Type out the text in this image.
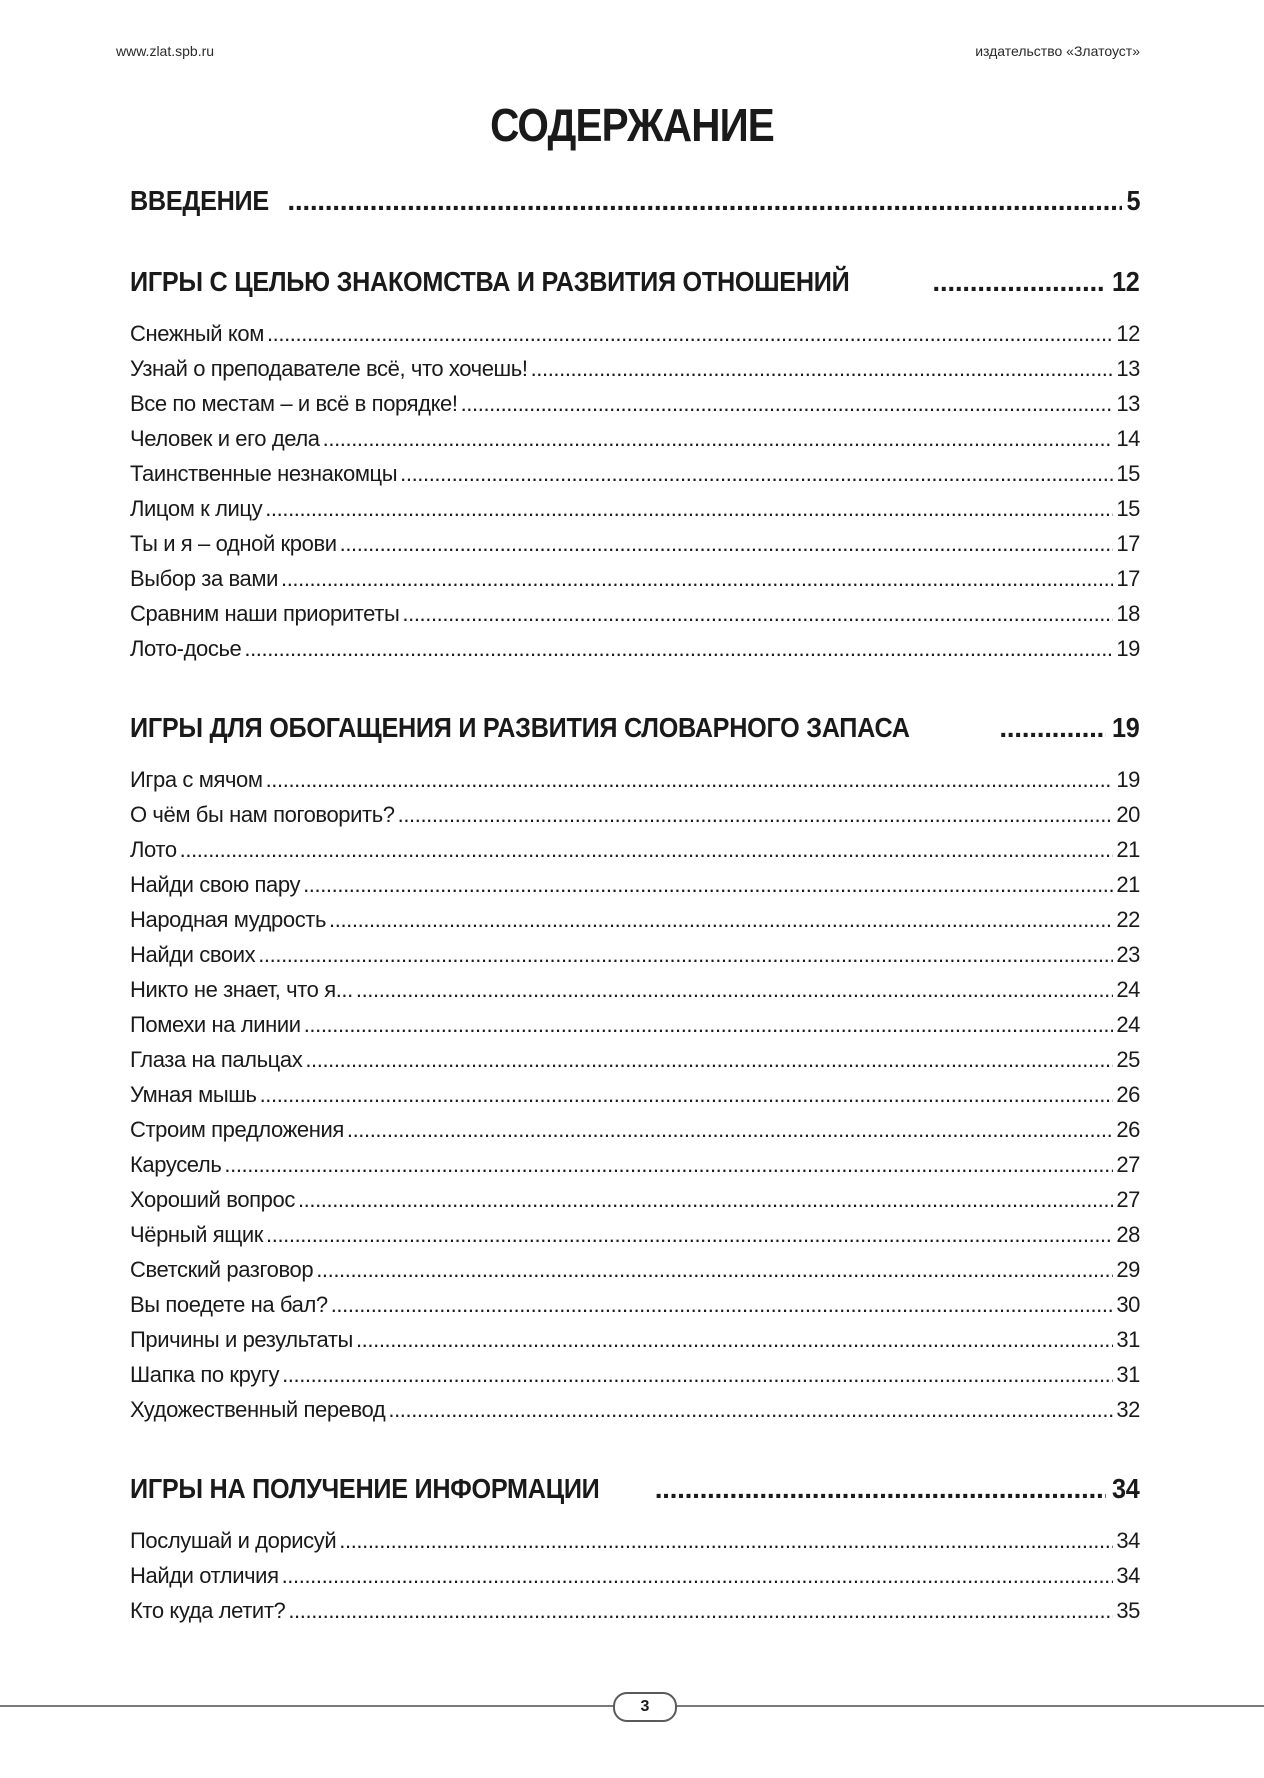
www.zlat.spb.ru	издательство «Златоуст»
СОДЕРЖАНИЕ
ВВЕДЕНИЕ .....	5
ИГРЫ С ЦЕЛЬЮ ЗНАКОМСТВА И РАЗВИТИЯ ОТНОШЕНИЙ .....	12
Снежный ком .....	12
Узнай о преподавателе всё, что хочешь! .....	13
Все по местам – и всё в порядке! .....	13
Человек и его дела .....	14
Таинственные незнакомцы .....	15
Лицом к лицу .....	15
Ты и я – одной крови .....	17
Выбор за вами .....	17
Сравним наши приоритеты .....	18
Лото-досье .....	19
ИГРЫ ДЛЯ ОБОГАЩЕНИЯ И РАЗВИТИЯ СЛОВАРНОГО ЗАПАСА .....	19
Игра с мячом .....	19
О чём бы нам поговорить? .....	20
Лото .....	21
Найди свою пару .....	21
Народная мудрость .....	22
Найди своих .....	23
Никто не знает, что я... .....	24
Помехи на линии .....	24
Глаза на пальцах .....	25
Умная мышь .....	26
Строим предложения .....	26
Карусель .....	27
Хороший вопрос .....	27
Чёрный ящик .....	28
Светский разговор .....	29
Вы поедете на бал? .....	30
Причины и результаты .....	31
Шапка по кругу .....	31
Художественный перевод .....	32
ИГРЫ НА ПОЛУЧЕНИЕ ИНФОРМАЦИИ .....	34
Послушай и дорисуй .....	34
Найди отличия .....	34
Кто куда летит? .....	35
3
